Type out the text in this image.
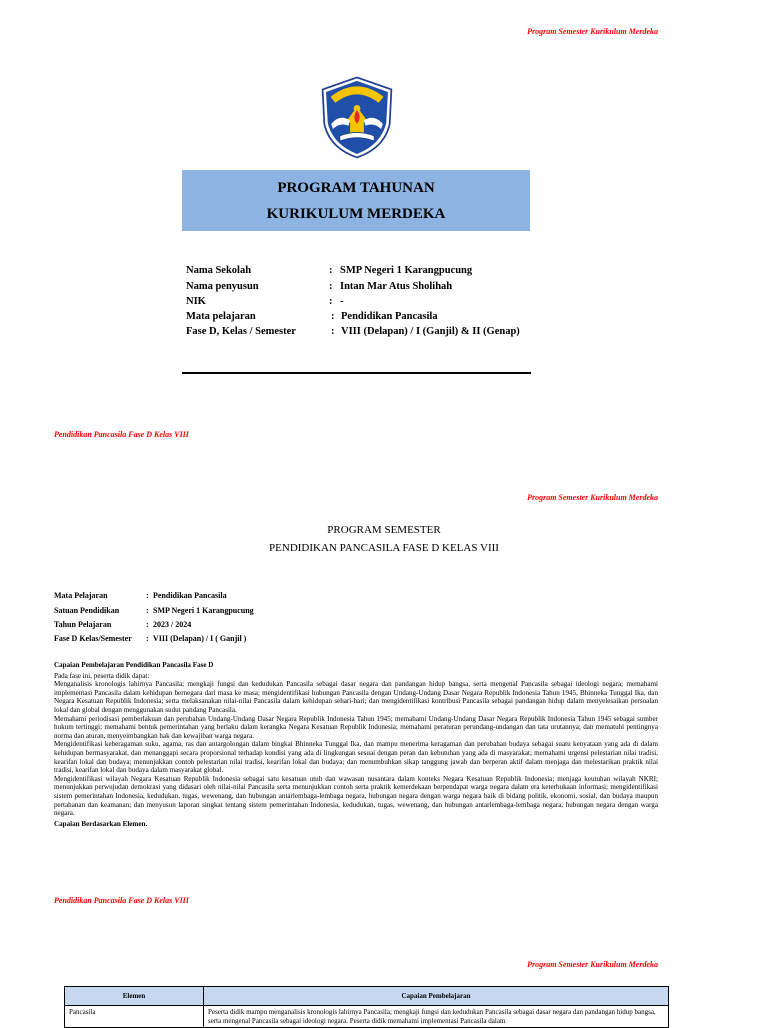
Program Semester Kurikulum Merdeka
PROGRAM TAHUNAN
KURIKULUM MERDEKA
Nama Sekolah	: SMP Negeri 1 Karangpucung
Nama penyusun	: Intan Mar Atus Sholihah
NIK	: -
Mata pelajaran	: Pendidikan Pancasila
Fase D, Kelas / Semester	: VIII (Delapan) / I (Ganjil) & II (Genap)
Pendidikan Pancasila Fase D Kelas VIII
Program Semester Kurikulum Merdeka
PROGRAM SEMESTER
PENDIDIKAN PANCASILA FASE D KELAS VIII
Mata Pelajaran	: Pendidikan Pancasila
Satuan Pendidikan	: SMP Negeri 1 Karangpucung
Tahun Pelajaran	: 2023 / 2024
Fase D Kelas/Semester : VIII (Delapan) / I ( Ganjil )

Capaian Pembelajaran Pendidikan Pancasila Fase D

Pada fase ini, peserta didik dapat:

Menganalisis kronologis lahirnya Pancasila; mengkaji fungsi dan kedudukan Pancasila sebagai dasar negara dan pandangan hidup bangsa, serta mengenal Pancasila sebagai ideologi negara; memahami implementasi Pancasila dalam kehidupan bernegara dari masa ke masa; mengidentifikasi hubungan Pancasila dengan Undang-Undang Dasar Negara Republik Indonesia Tahun 1945, Bhinneka Tunggal Ika, dan Negara Kesatuan Republik Indonesia; serta melaksanakan nilai-nilai Pancasila dalam kehidupan sehari-hari; dan mengidentifikasi kontribusi Pancasila sebagai pandangan hidup dalam menyelesaikan persoalan lokal dan global dengan menggunakan sudut pandang Pancasila.

Memahami periodisasi pemberlakuan dan perubahan Undang-Undang Dasar Negara Republik Indonesia Tahun 1945; memahami Undang-Undang Dasar Negara Republik Indonesia Tahun 1945 sebagai sumber hukum tertinggi; memahami bentuk pemerintahan yang berlaku dalam kerangka Negara Kesatuan Republik Indonesia; memahami peraturan perundang-undangan dan tata urutannya; dan mematuhi pentingnya norma dan aturan, menyeimbangkan hak dan kewajiban warga negara.

Mengidentifikasi keberagaman suku, agama, ras dan antargolongan dalam bingkai Bhinneka Tunggal Ika, dan mampu menerima keragaman dan perubahan budaya sebagai suatu kenyataan yang ada di dalam kehidupan bermasyarakat, dan menanggapi secara proporsional terhadap kondisi yang ada di lingkungan sesuai dengan peran dan kebutuhan yang ada di masyarakat; memahami urgensi pelestarian nilai tradisi, kearifan lokal dan budaya; menunjukkan contoh pelestarian nilai tradisi, kearifan lokal dan budaya; dan menumbuhkan sikap tanggung jawab dan berperan aktif dalam menjaga dan melestarikan praktik nilai tradisi, kearifan lokal dan budaya dalam masyarakat global.

Mengidentifikasi wilayah Negara Kesatuan Republik Indonesia sebagai satu kesatuan utuh dan wawasan nusantara dalam konteks Negara Kesatuan Republik Indonesia; menjaga keutuhan wilayah NKRI; menunjukkan perwujudan demokrasi yang didasari oleh nilai-nilai Pancasila serta menunjukkan contoh serta praktik kemerdekaan berpendapat warga negara dalam era keterbukaan informasi; mengidentifikasi sistem pemerintahan Indonesia, kedudukan, tugas, wewenang, dan hubungan antarlembaga-lembaga negara, hubungan negara dengan warga negara baik di bidang politik, ekonomi, sosial, dan budaya maupun pertahanan dan keamanan; dan menyusun laporan singkat tentang sistem pemerintahan Indonesia, kedudukan, tugas, wewenang, dan hubungan antarlembaga-lembaga negara, hubungan negara dengan warga negara.

Capaian Berdasarkan Elemen.

Pendidikan Pancasila Fase D Kelas VIII
Program Semester Kurikulum Merdeka
Elemen	Capaian Pembelajaran
Pancasila	Peserta didik mampu menganalisis kronologis lahirnya Pancasila; mengkaji fungsi dan kedudukan Pancasila sebagai dasar negara dan pandangan hidup bangsa, serta mengenal Pancasila sebagai ideologi negara. Peserta didik memahami implementasi Pancasila dalam
